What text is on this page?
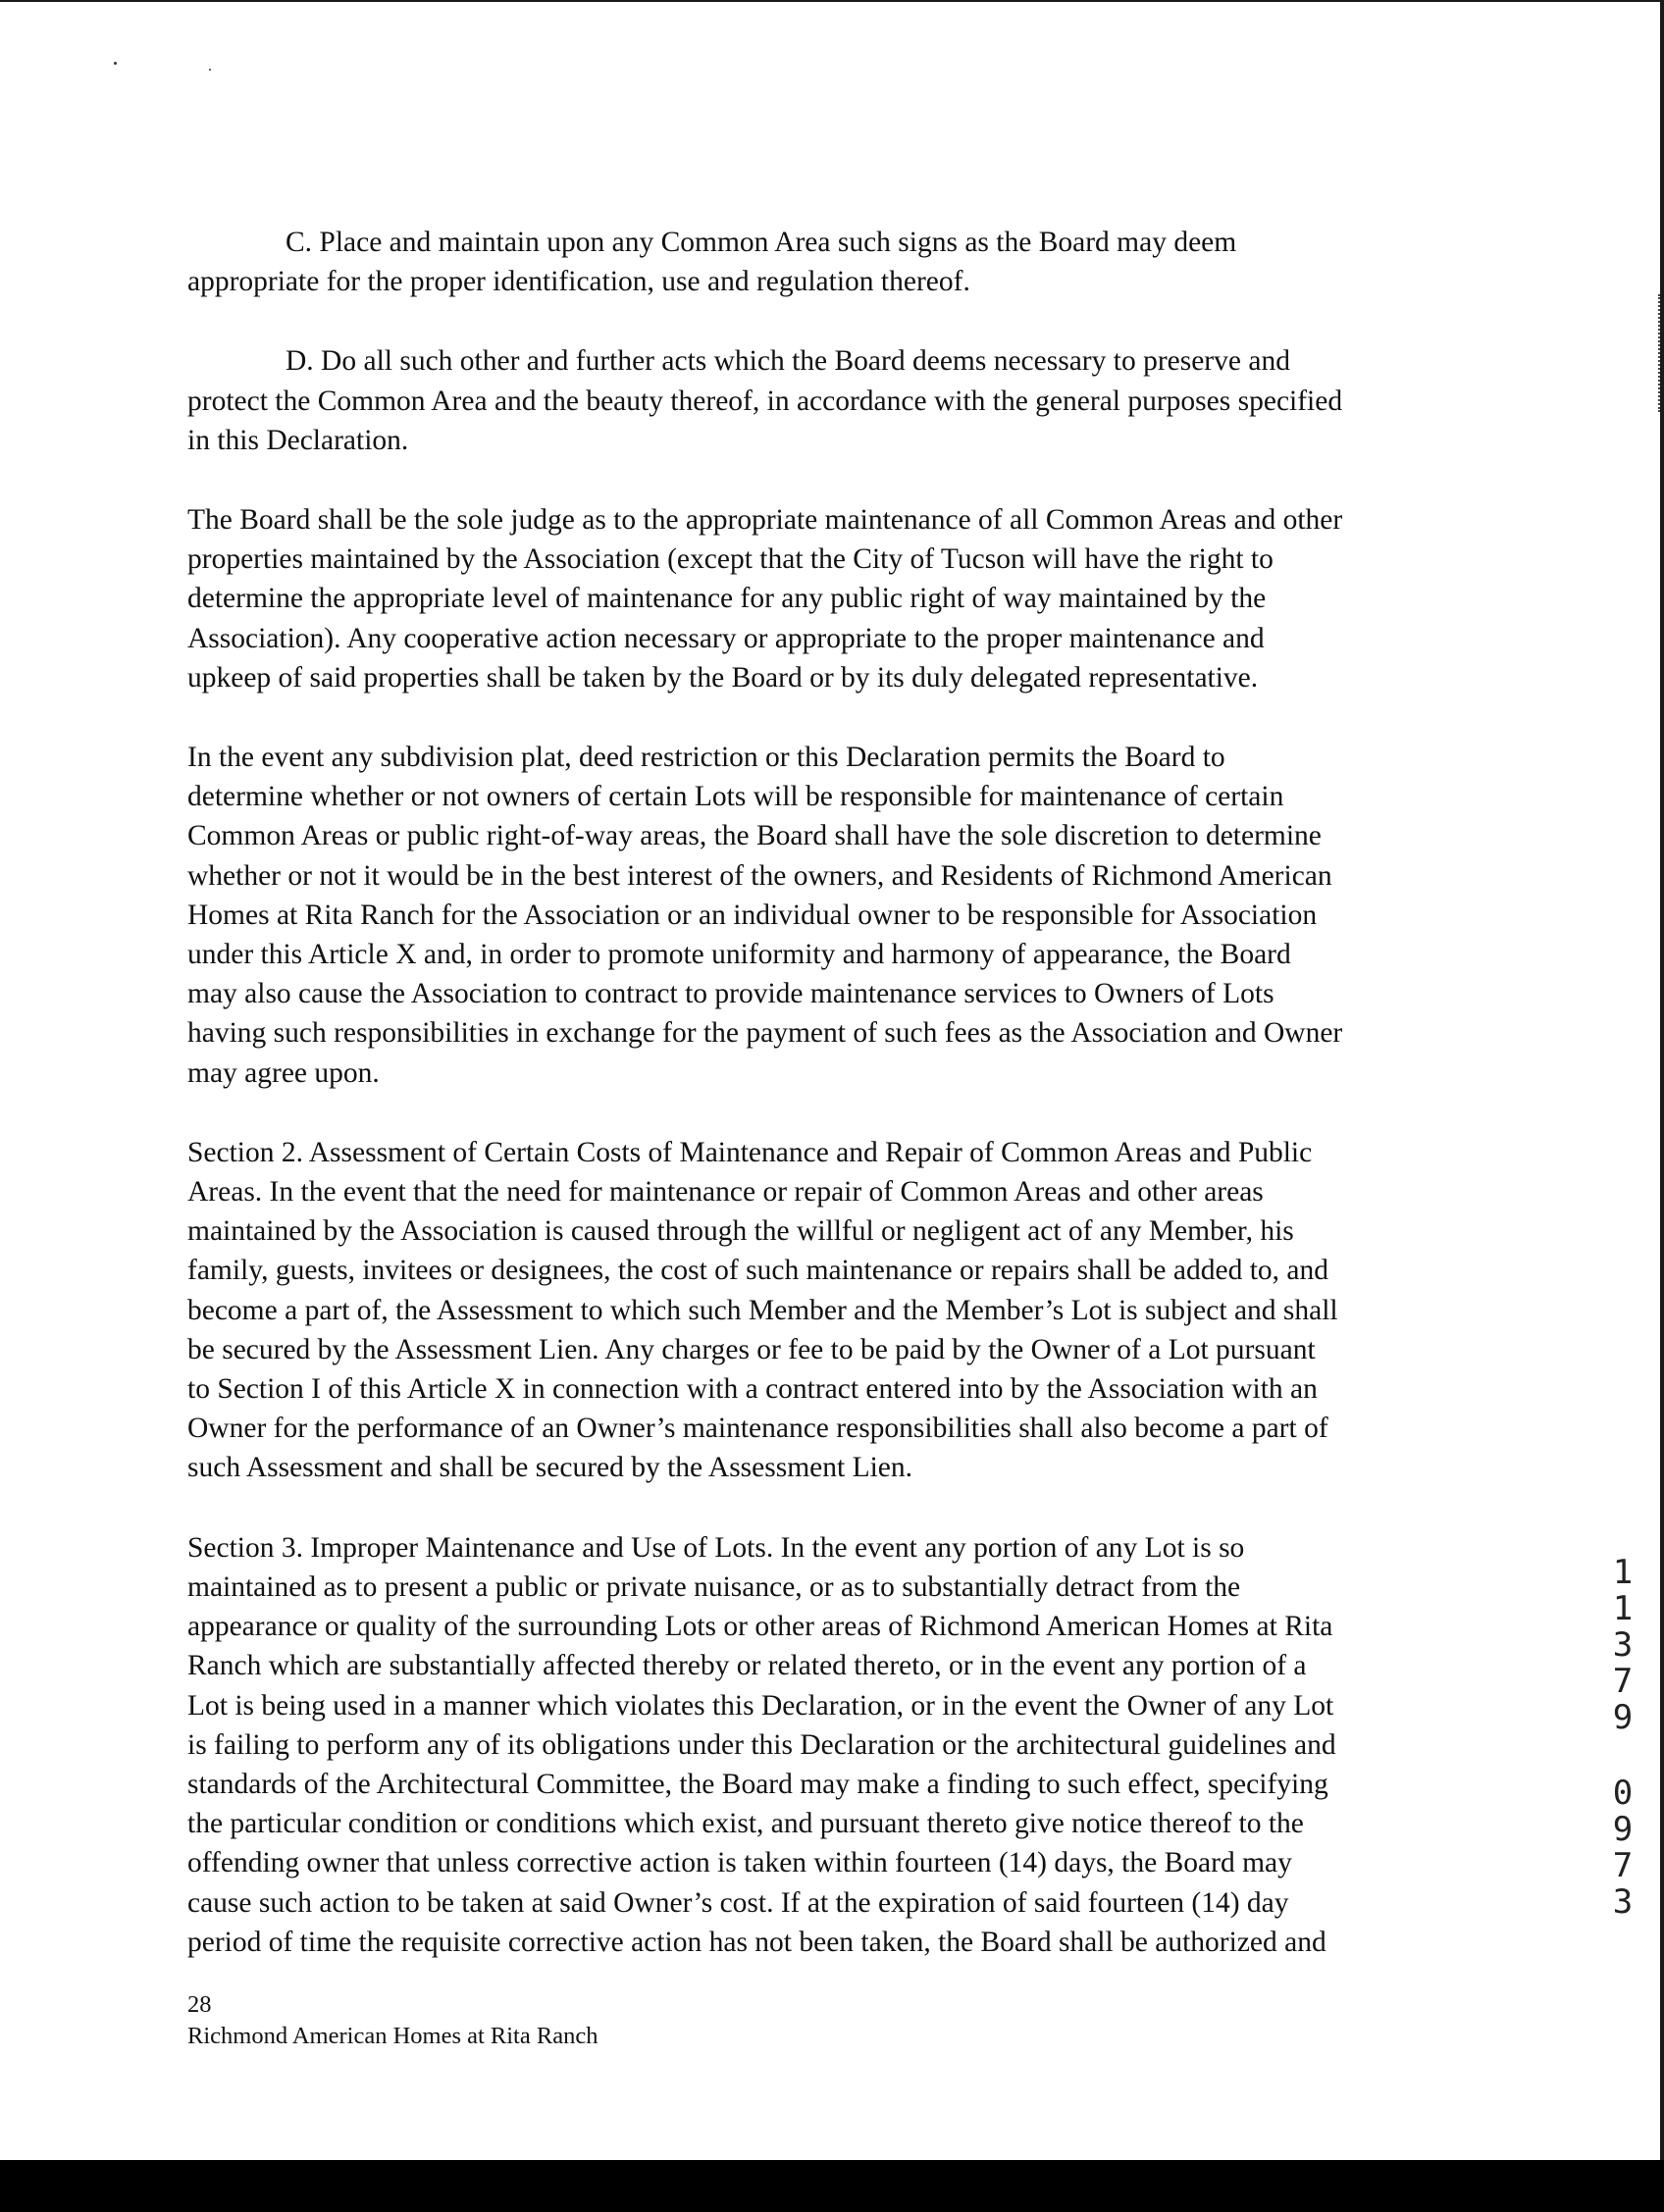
C. Place and maintain upon any Common Area such signs as the Board may deem
appropriate for the proper identification, use and regulation thereof.

D. Do all such other and further acts which the Board deems necessary to preserve and
protect the Common Area and the beauty thereof, in accordance with the general purposes specified
in this Declaration.

The Board shall be the sole judge as to the appropriate maintenance of all Common Areas and other
properties maintained by the Association (except that the City of Tucson will have the right to
determine the appropriate level of maintenance for any public right of way maintained by the
Association). Any cooperative action necessary or appropriate to the proper maintenance and
upkeep of said properties shall be taken by the Board or by its duly delegated representative.

In the event any subdivision plat, deed restriction or this Declaration permits the Board to
determine whether or not owners of certain Lots will be responsible for maintenance of certain
Common Areas or public right-of-way areas, the Board shall have the sole discretion to determine
whether or not it would be in the best interest of the owners, and Residents of Richmond American
Homes at Rita Ranch for the Association or an individual owner to be responsible for Association
under this Article X and, in order to promote uniformity and harmony of appearance, the Board
may also cause the Association to contract to provide maintenance services to Owners of Lots
having such responsibilities in exchange for the payment of such fees as the Association and Owner
may agree upon.

Section 2. Assessment of Certain Costs of Maintenance and Repair of Common Areas and Public
Areas. In the event that the need for maintenance or repair of Common Areas and other areas
maintained by the Association is caused through the willful or negligent act of any Member, his
family, guests, invitees or designees, the cost of such maintenance or repairs shall be added to, and
become a part of, the Assessment to which such Member and the Member’s Lot is subject and shall
be secured by the Assessment Lien. Any charges or fee to be paid by the Owner of a Lot pursuant
to Section I of this Article X in connection with a contract entered into by the Association with an
Owner for the performance of an Owner’s maintenance responsibilities shall also become a part of
such Assessment and shall be secured by the Assessment Lien.

Section 3. Improper Maintenance and Use of Lots. In the event any portion of any Lot is so
maintained as to present a public or private nuisance, or as to substantially detract from the
appearance or quality of the surrounding Lots or other areas of Richmond American Homes at Rita
Ranch which are substantially affected thereby or related thereto, or in the event any portion of a
Lot is being used in a manner which violates this Declaration, or in the event the Owner of any Lot
is failing to perform any of its obligations under this Declaration or the architectural guidelines and
standards of the Architectural Committee, the Board may make a finding to such effect, specifying
the particular condition or conditions which exist, and pursuant thereto give notice thereof to the
offending owner that unless corrective action is taken within fourteen (14) days, the Board may
cause such action to be taken at said Owner’s cost. If at the expiration of said fourteen (14) day
period of time the requisite corrective action has not been taken, the Board shall be authorized and

28
Richmond American Homes at Rita Ranch
1
1
3
7
9
0
9
7
3
